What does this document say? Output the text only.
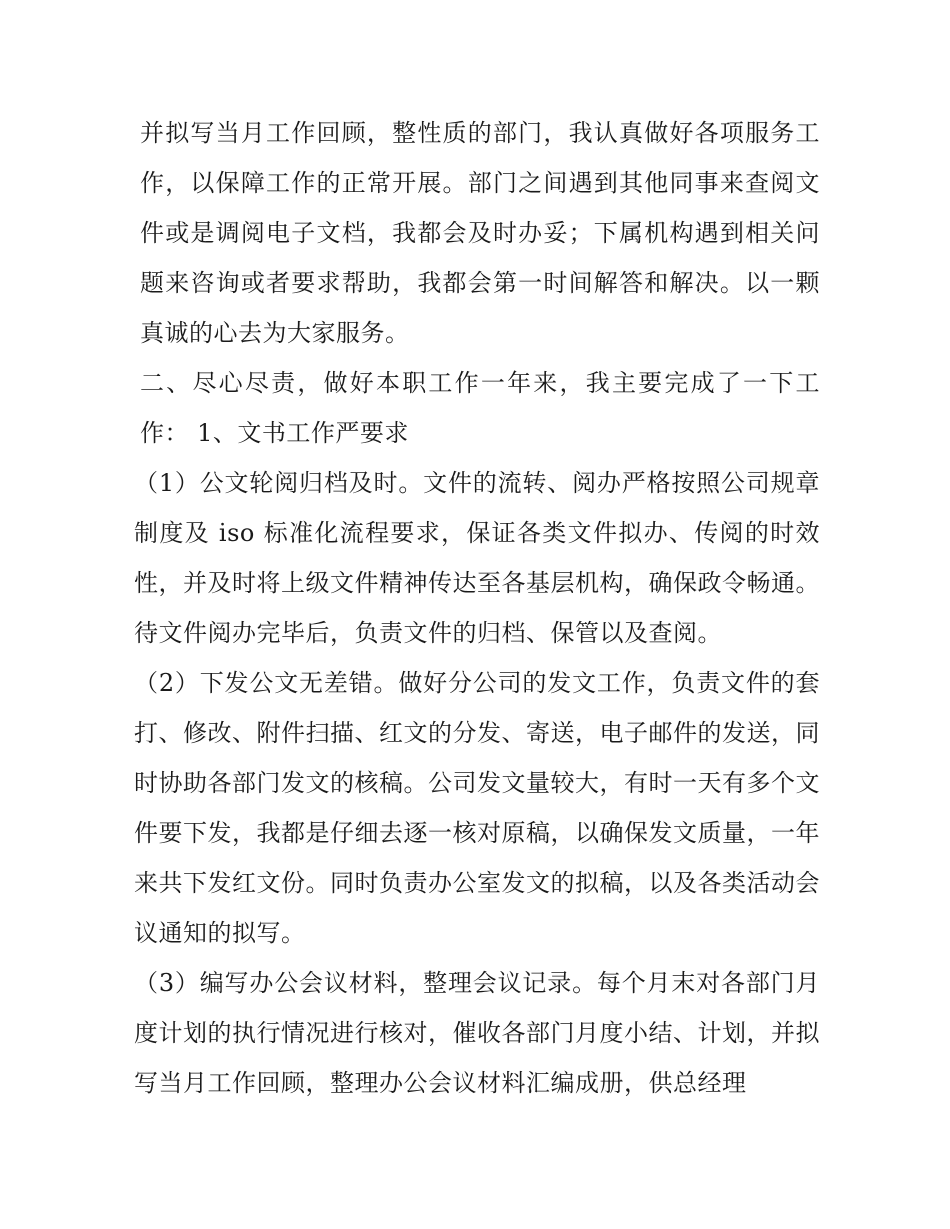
并拟写当月工作回顾，整性质的部门，我认真做好各项服务工作，以保障工作的正常开展。部门之间遇到其他同事来查阅文件或是调阅电子文档，我都会及时办妥；下属机构遇到相关问题来咨询或者要求帮助，我都会第一时间解答和解决。以一颗真诚的心去为大家服务。

二、尽心尽责，做好本职工作一年来，我主要完成了一下工作： 1、文书工作严要求

（1）公文轮阅归档及时。文件的流转、阅办严格按照公司规章制度及 iso 标准化流程要求，保证各类文件拟办、传阅的时效性，并及时将上级文件精神传达至各基层机构，确保政令畅通。待文件阅办完毕后，负责文件的归档、保管以及查阅。

（2）下发公文无差错。做好分公司的发文工作，负责文件的套打、修改、附件扫描、红文的分发、寄送，电子邮件的发送，同时协助各部门发文的核稿。公司发文量较大，有时一天有多个文件要下发，我都是仔细去逐一核对原稿，以确保发文质量，一年来共下发红文份。同时负责办公室发文的拟稿，以及各类活动会议通知的拟写。

（3）编写办公会议材料，整理会议记录。每个月末对各部门月度计划的执行情况进行核对，催收各部门月度小结、计划，并拟写当月工作回顾，整理办公会议材料汇编成册，供总经理
